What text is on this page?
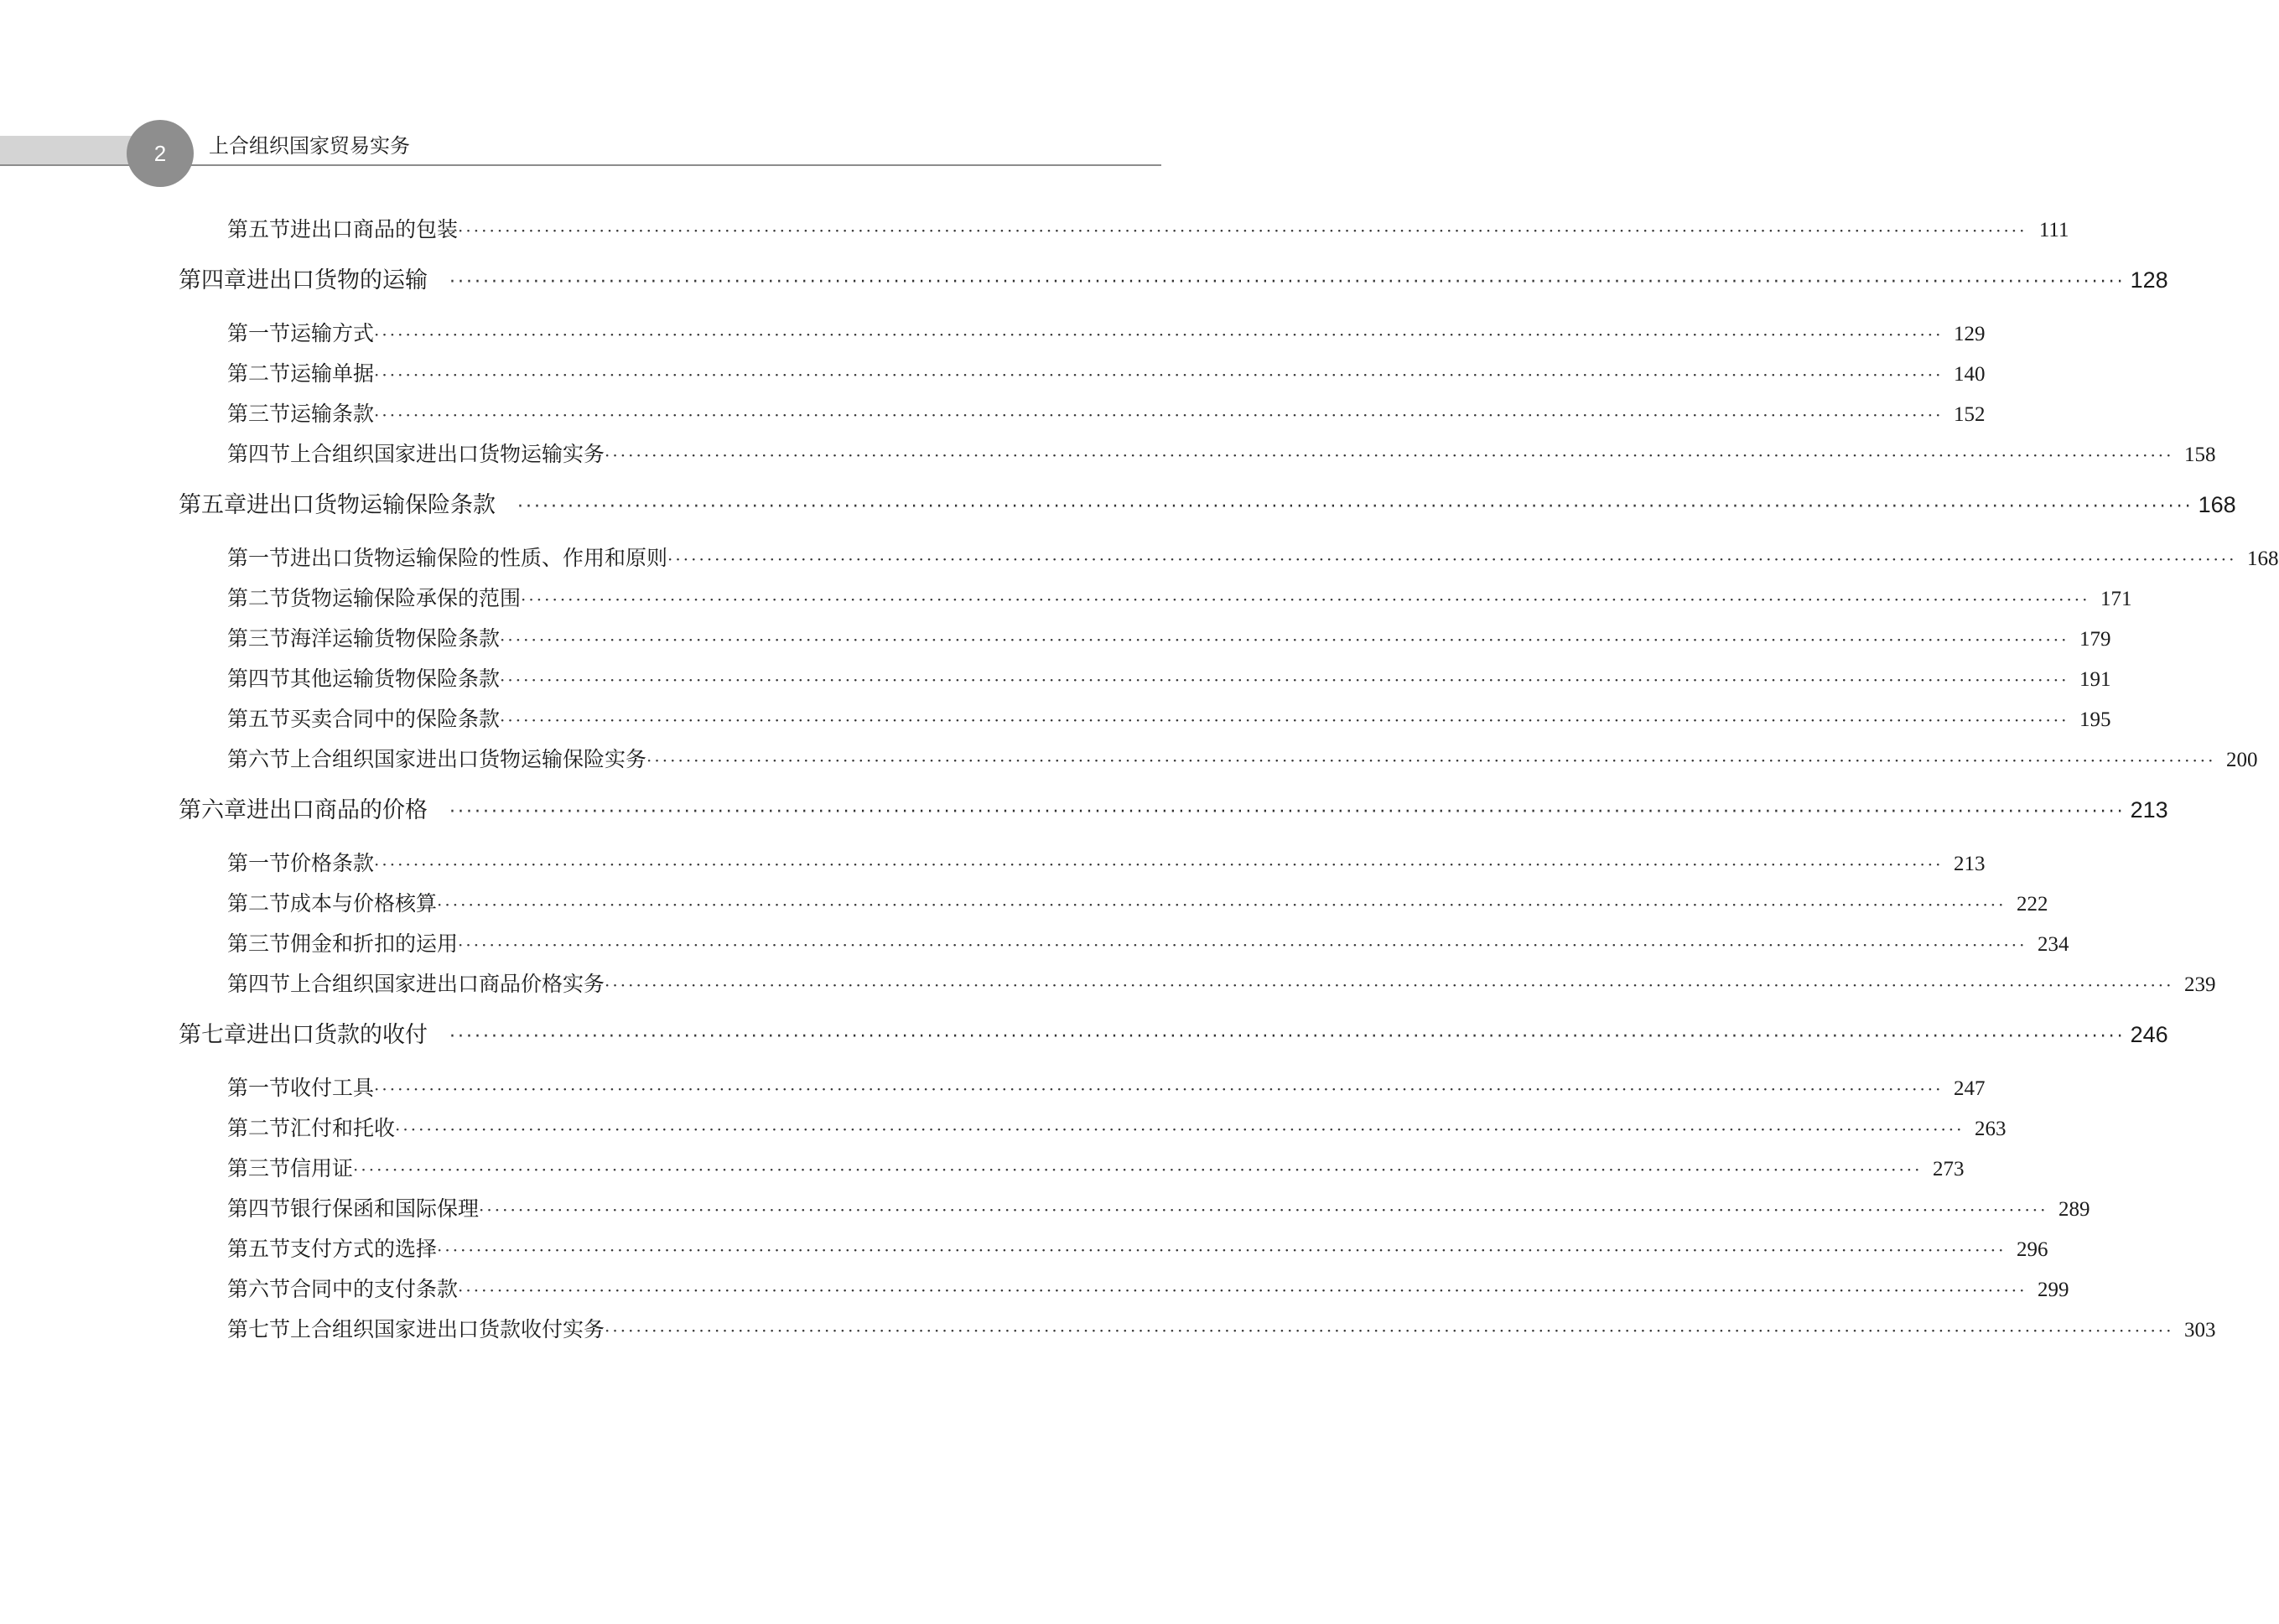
2	上合组织国家贸易实务
第五节 进出口商品的包装 ········································································································································································································ 111
第四章 进出口货物的运输 ········································································································································································································ 128
第一节 运输方式 ········································································································································································································ 129
第二节 运输单据 ········································································································································································································ 140
第三节 运输条款 ········································································································································································································ 152
第四节 上合组织国家进出口货物运输实务 ········································································································································································································ 158
第五章 进出口货物运输保险条款 ········································································································································································································ 168
第一节 进出口货物运输保险的性质、作用和原则 ········································································································································································································ 168
第二节 货物运输保险承保的范围 ········································································································································································································ 171
第三节 海洋运输货物保险条款 ········································································································································································································ 179
第四节 其他运输货物保险条款 ········································································································································································································ 191
第五节 买卖合同中的保险条款 ········································································································································································································ 195
第六节 上合组织国家进出口货物运输保险实务 ········································································································································································································ 200
第六章 进出口商品的价格 ········································································································································································································ 213
第一节 价格条款 ········································································································································································································ 213
第二节 成本与价格核算 ········································································································································································································ 222
第三节 佣金和折扣的运用 ········································································································································································································ 234
第四节 上合组织国家进出口商品价格实务 ········································································································································································································ 239
第七章 进出口货款的收付 ········································································································································································································ 246
第一节 收付工具 ········································································································································································································ 247
第二节 汇付和托收 ········································································································································································································ 263
第三节 信用证 ········································································································································································································ 273
第四节 银行保函和国际保理 ········································································································································································································ 289
第五节 支付方式的选择 ········································································································································································································ 296
第六节 合同中的支付条款 ········································································································································································································ 299
第七节 上合组织国家进出口货款收付实务 ········································································································································································································ 303
